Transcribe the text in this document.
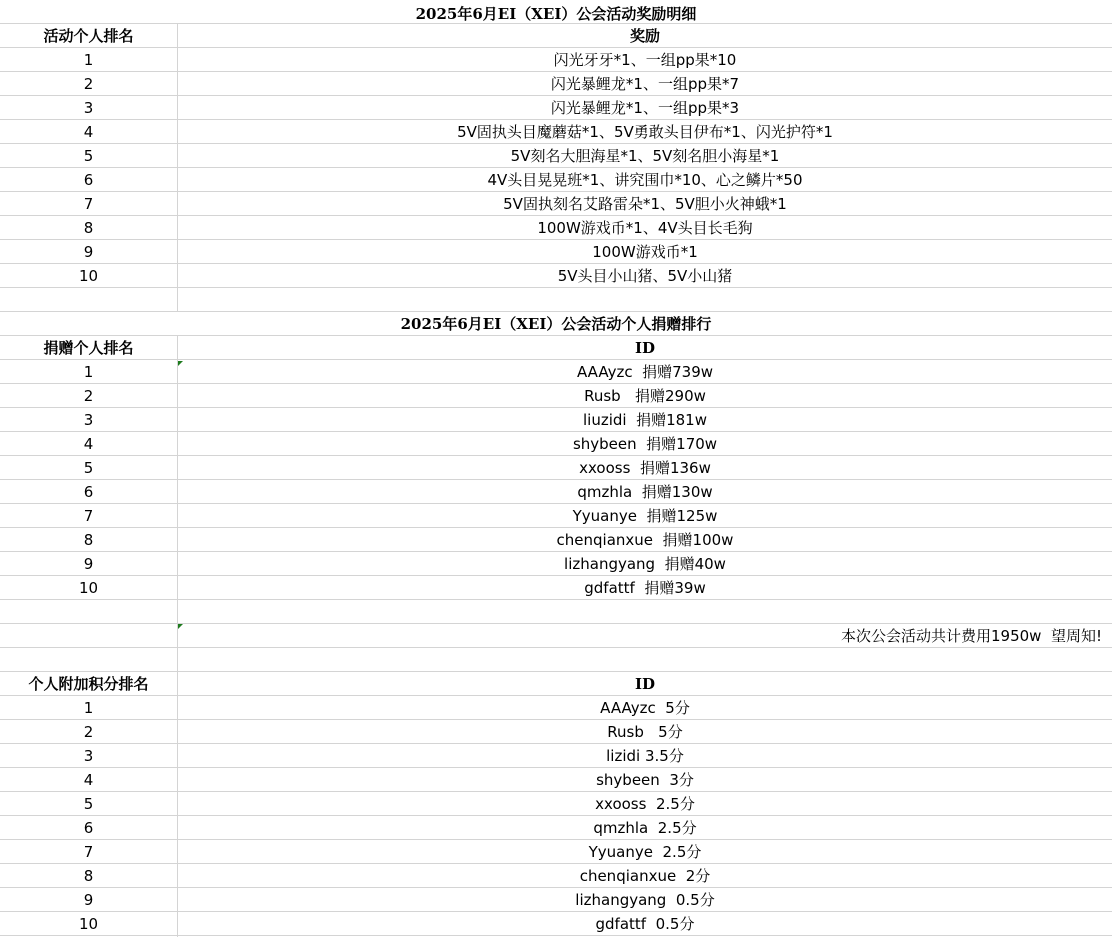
2025年6月EI（XEI）公会活动奖励明细
活动个人排名	奖励
1	闪光牙牙*1、一组pp果*10
2	闪光暴鲤龙*1、一组pp果*7
3	闪光暴鲤龙*1、一组pp果*3
4	5V固执头目魔蘑菇*1、5V勇敢头目伊布*1、闪光护符*1
5	5V刻名大胆海星*1、5V刻名胆小海星*1
6	4V头目晃晃班*1、讲究围巾*10、心之鳞片*50
7	5V固执刻名艾路雷朵*1、5V胆小火神蛾*1
8	100W游戏币*1、4V头目长毛狗
9	100W游戏币*1
10	5V头目小山猪、5V小山猪
2025年6月EI（XEI）公会活动个人捐赠排行
捐赠个人排名	ID
1	AAAyzc  捐赠739w
2	Rusb   捐赠290w
3	liuzidi  捐赠181w
4	shybeen  捐赠170w
5	xxooss  捐赠136w
6	qmzhla  捐赠130w
7	Yyuanye  捐赠125w
8	chenqianxue  捐赠100w
9	lizhangyang  捐赠40w
10	gdfattf  捐赠39w
本次公会活动共计费用1950w  望周知!
个人附加积分排名	ID
1	AAAyzc  5分
2	Rusb   5分
3	lizidi 3.5分
4	shybeen  3分
5	xxooss  2.5分
6	qmzhla  2.5分
7	Yyuanye  2.5分
8	chenqianxue  2分
9	lizhangyang  0.5分
10	gdfattf  0.5分
